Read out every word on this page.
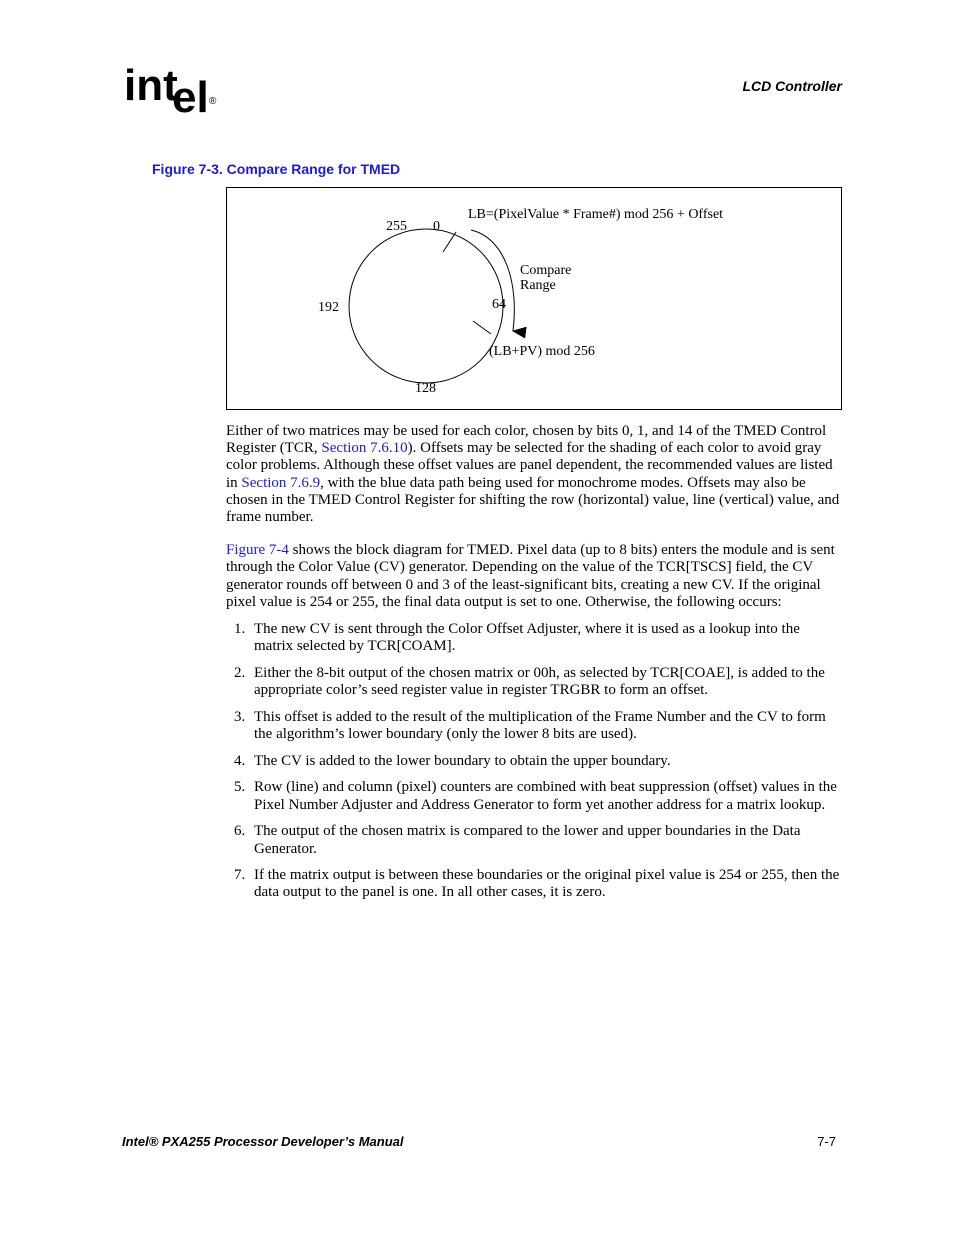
int
el ®
LCD Controller
Figure 7-3. Compare Range for TMED
255 0
192	64
128
LB=(PixelValue * Frame#) mod 256 + Offset
Compare
Range
(LB+PV) mod 256

Either of two matrices may be used for each color, chosen by bits 0, 1, and 14 of the TMED Control Register (TCR, Section 7.6.10). Offsets may be selected for the shading of each color to avoid gray color problems. Although these offset values are panel dependent, the recommended values are listed in Section 7.6.9, with the blue data path being used for monochrome modes. Offsets may also be chosen in the TMED Control Register for shifting the row (horizontal) value, line (vertical) value, and frame number.

Figure 7-4 shows the block diagram for TMED. Pixel data (up to 8 bits) enters the module and is sent through the Color Value (CV) generator. Depending on the value of the TCR[TSCS] field, the CV generator rounds off between 0 and 3 of the least-significant bits, creating a new CV. If the original pixel value is 254 or 255, the final data output is set to one. Otherwise, the following occurs:

1. The new CV is sent through the Color Offset Adjuster, where it is used as a lookup into the matrix selected by TCR[COAM].
2. Either the 8-bit output of the chosen matrix or 00h, as selected by TCR[COAE], is added to the appropriate color’s seed register value in register TRGBR to form an offset.
3. This offset is added to the result of the multiplication of the Frame Number and the CV to form the algorithm’s lower boundary (only the lower 8 bits are used).
4. The CV is added to the lower boundary to obtain the upper boundary.
5. Row (line) and column (pixel) counters are combined with beat suppression (offset) values in the Pixel Number Adjuster and Address Generator to form yet another address for a matrix lookup.
6. The output of the chosen matrix is compared to the lower and upper boundaries in the Data Generator.
7. If the matrix output is between these boundaries or the original pixel value is 254 or 255, then the data output to the panel is one. In all other cases, it is zero.
Intel® PXA255 Processor Developer’s Manual	7-7
